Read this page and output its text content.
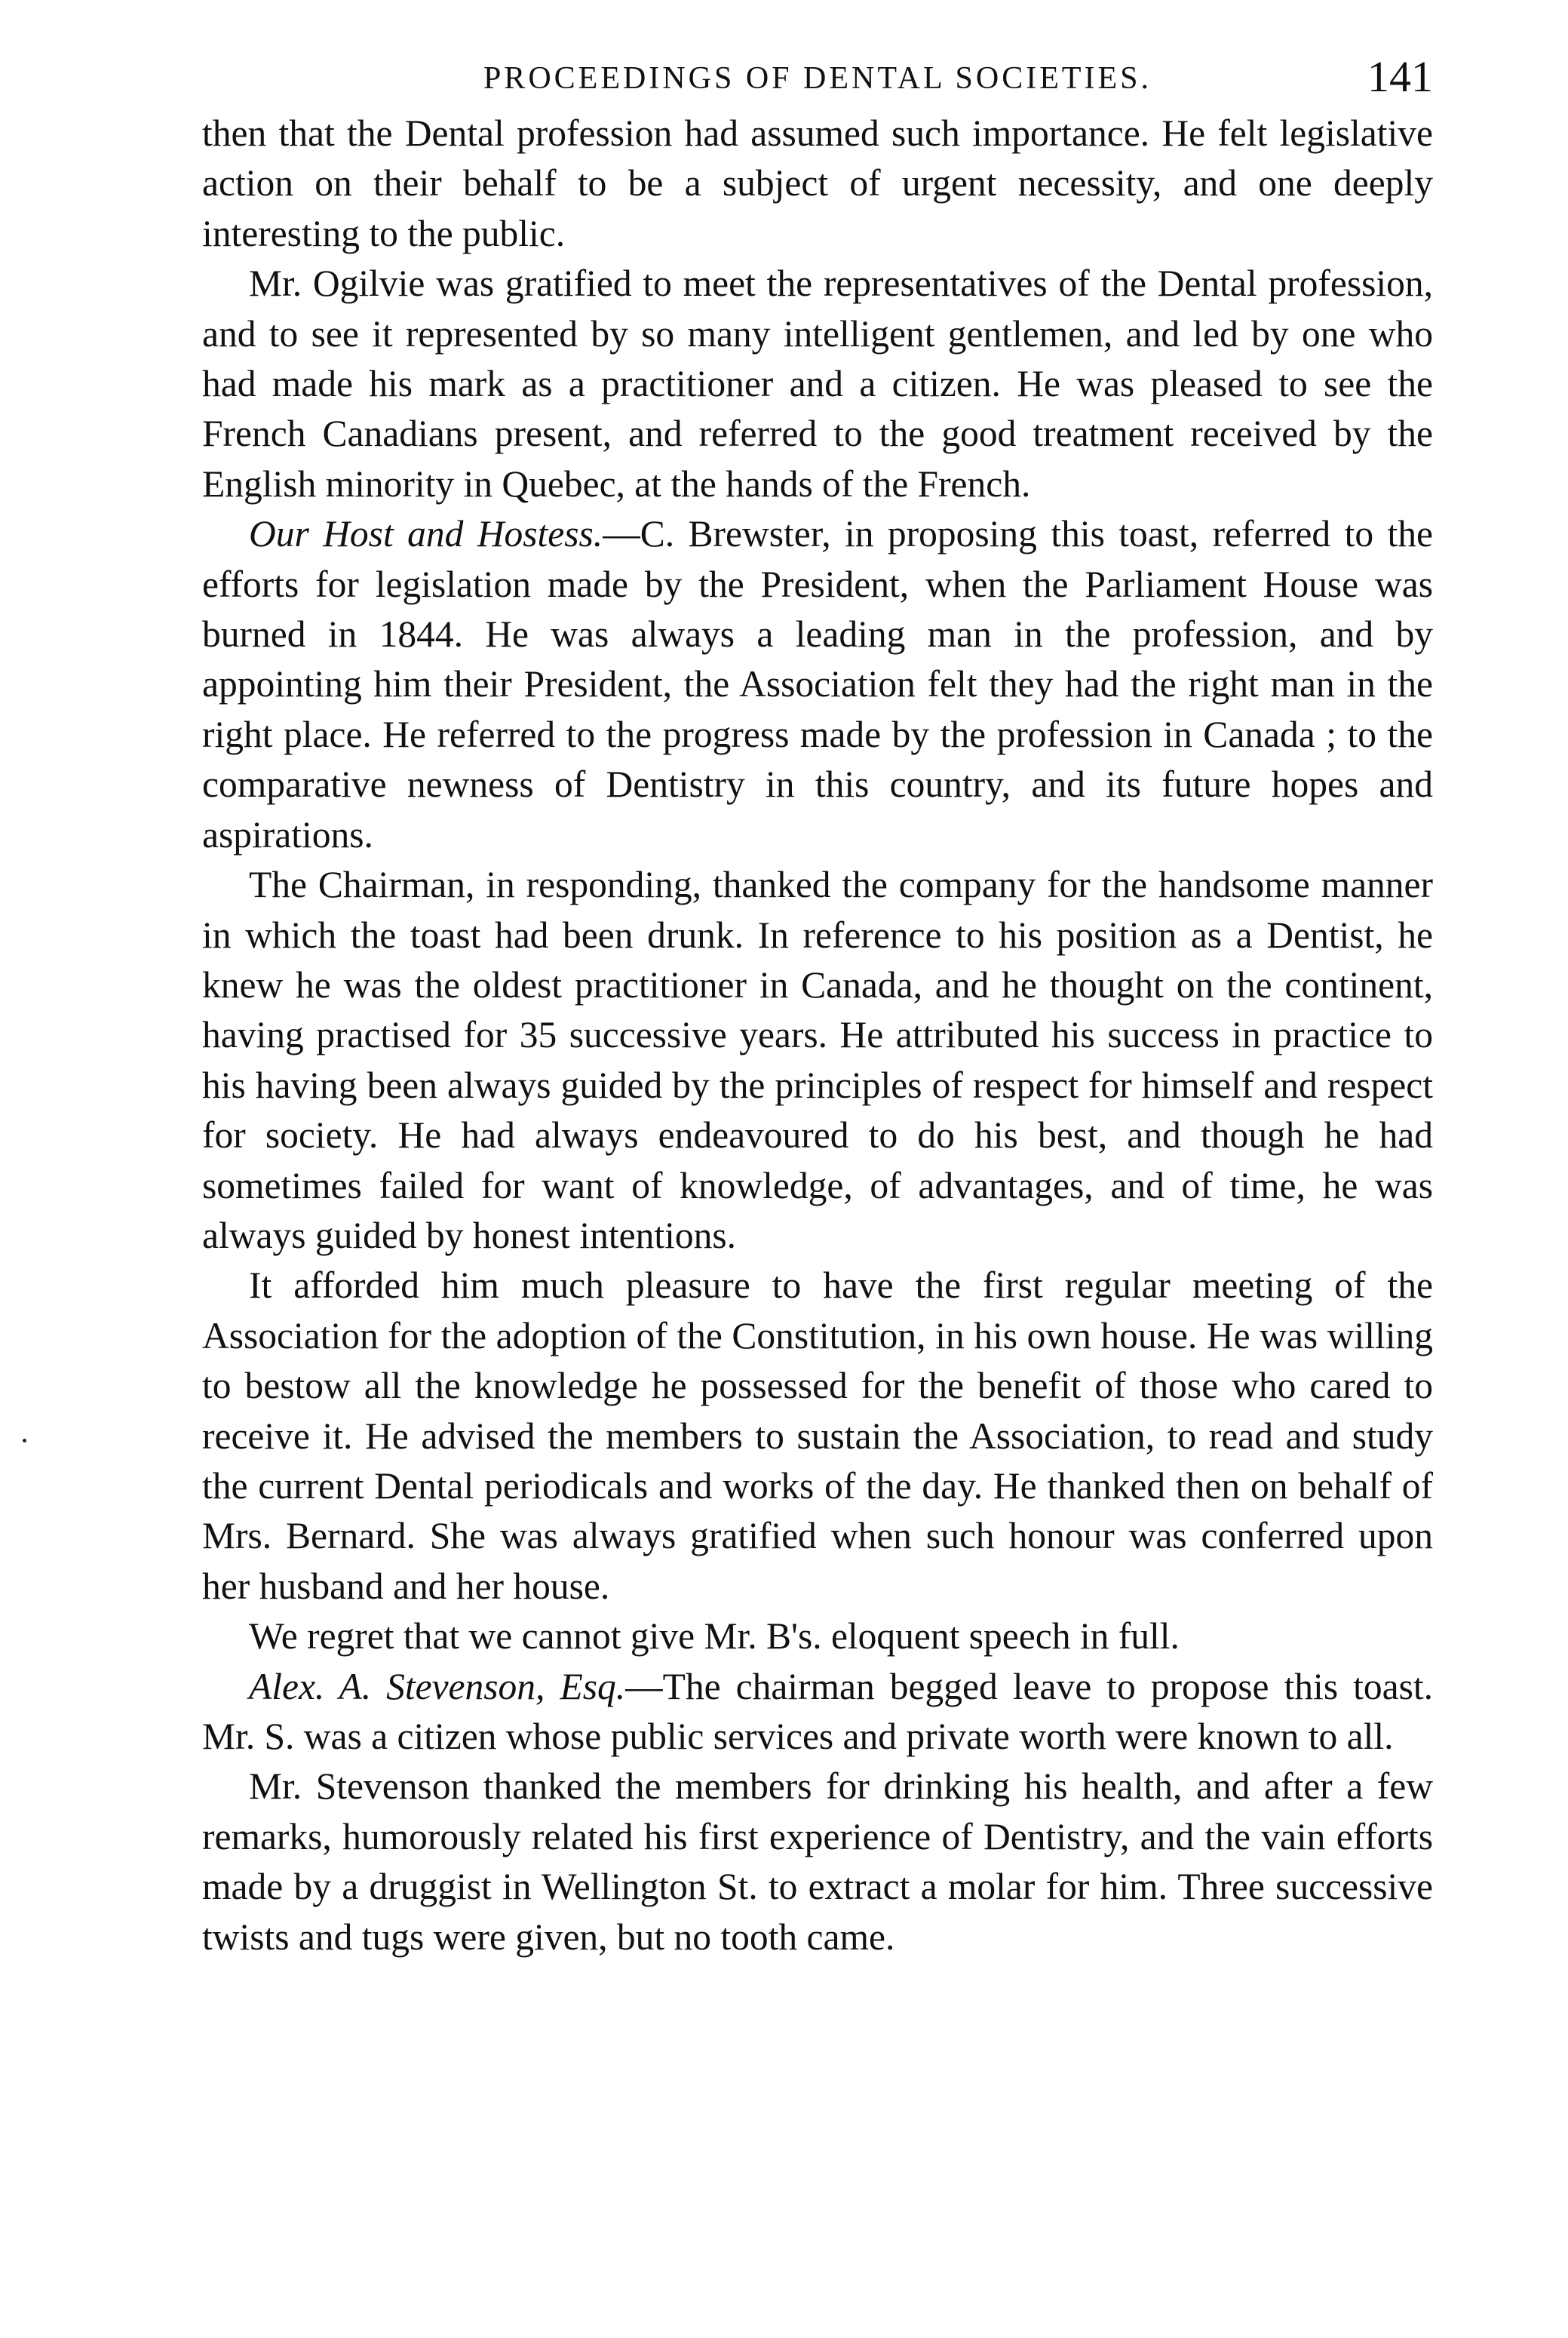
PROCEEDINGS OF DENTAL SOCIETIES.	141

then that the Dental profession had assumed such importance. He felt legislative action on their behalf to be a subject of urgent necessity, and one deeply interesting to the public.

Mr. Ogilvie was gratified to meet the representatives of the Dental profession, and to see it represented by so many intelligent gentlemen, and led by one who had made his mark as a practitioner and a citizen. He was pleased to see the French Canadians present, and referred to the good treatment received by the English minority in Quebec, at the hands of the French.

Our Host and Hostess.—C. Brewster, in proposing this toast, referred to the efforts for legislation made by the President, when the Parliament House was burned in 1844. He was always a leading man in the profession, and by appointing him their President, the Association felt they had the right man in the right place. He referred to the progress made by the profession in Canada ; to the comparative newness of Dentistry in this country, and its future hopes and aspirations.

The Chairman, in responding, thanked the company for the handsome manner in which the toast had been drunk. In reference to his position as a Dentist, he knew he was the oldest practitioner in Canada, and he thought on the continent, having practised for 35 successive years. He attributed his success in practice to his having been always guided by the principles of respect for himself and respect for society. He had always endeavoured to do his best, and though he had sometimes failed for want of knowledge, of advantages, and of time, he was always guided by honest intentions.

It afforded him much pleasure to have the first regular meeting of the Association for the adoption of the Constitution, in his own house. He was willing to bestow all the knowledge he possessed for the benefit of those who cared to receive it. He advised the members to sustain the Association, to read and study the current Dental periodicals and works of the day. He thanked then on behalf of Mrs. Bernard. She was always gratified when such honour was conferred upon her husband and her house.

We regret that we cannot give Mr. B's. eloquent speech in full.

Alex. A. Stevenson, Esq.—The chairman begged leave to propose this toast. Mr. S. was a citizen whose public services and private worth were known to all.

Mr. Stevenson thanked the members for drinking his health, and after a few remarks, humorously related his first experience of Dentistry, and the vain efforts made by a druggist in Wellington St. to extract a molar for him. Three successive twists and tugs were given, but no tooth came.
